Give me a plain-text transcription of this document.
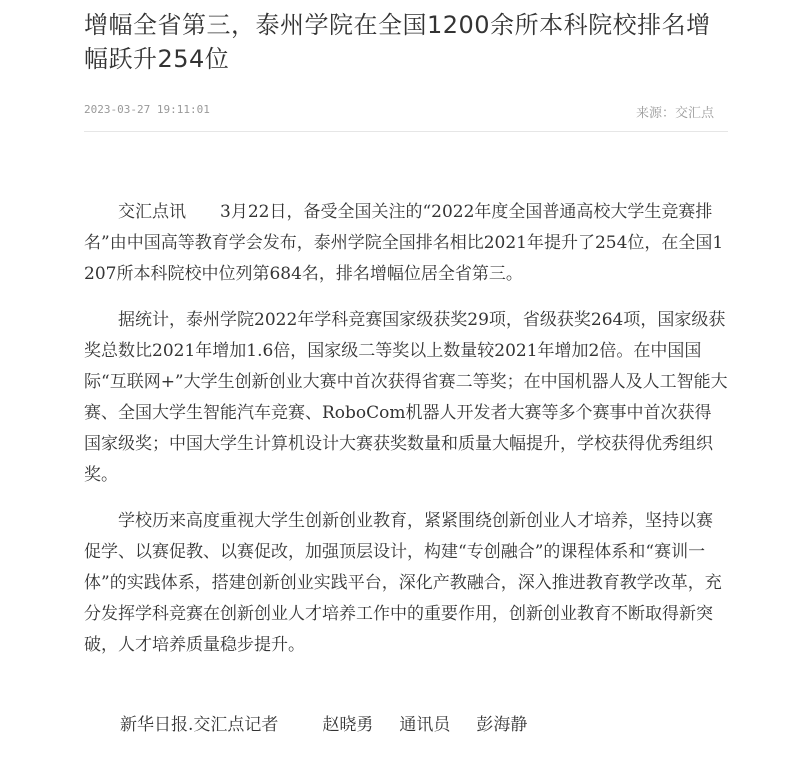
增幅全省第三，泰州学院在全国1200余所本科院校排名增幅跃升254位
2023-03-27 19:11:01	来源：交汇点

交汇点讯　　3月22日，备受全国关注的“2022年度全国普通高校大学生竞赛排名”由中国高等教育学会发布，泰州学院全国排名相比2021年提升了254位，在全国1207所本科院校中位列第684名，排名增幅位居全省第三。

据统计，泰州学院2022年学科竞赛国家级获奖29项，省级获奖264项，国家级获奖总数比2021年增加1.6倍，国家级二等奖以上数量较2021年增加2倍。在中国国际“互联网+”大学生创新创业大赛中首次获得省赛二等奖；在中国机器人及人工智能大赛、全国大学生智能汽车竞赛、RoboCom机器人开发者大赛等多个赛事中首次获得国家级奖；中国大学生计算机设计大赛获奖数量和质量大幅提升，学校获得优秀组织奖。

学校历来高度重视大学生创新创业教育，紧紧围绕创新创业人才培养，坚持以赛促学、以赛促教、以赛促改，加强顶层设计，构建“专创融合”的课程体系和“赛训一体”的实践体系，搭建创新创业实践平台，深化产教融合，深入推进教育教学改革，充分发挥学科竞赛在创新创业人才培养工作中的重要作用，创新创业教育不断取得新突破，人才培养质量稳步提升。

新华日报.交汇点记者	赵晓勇 通讯员 彭海静
